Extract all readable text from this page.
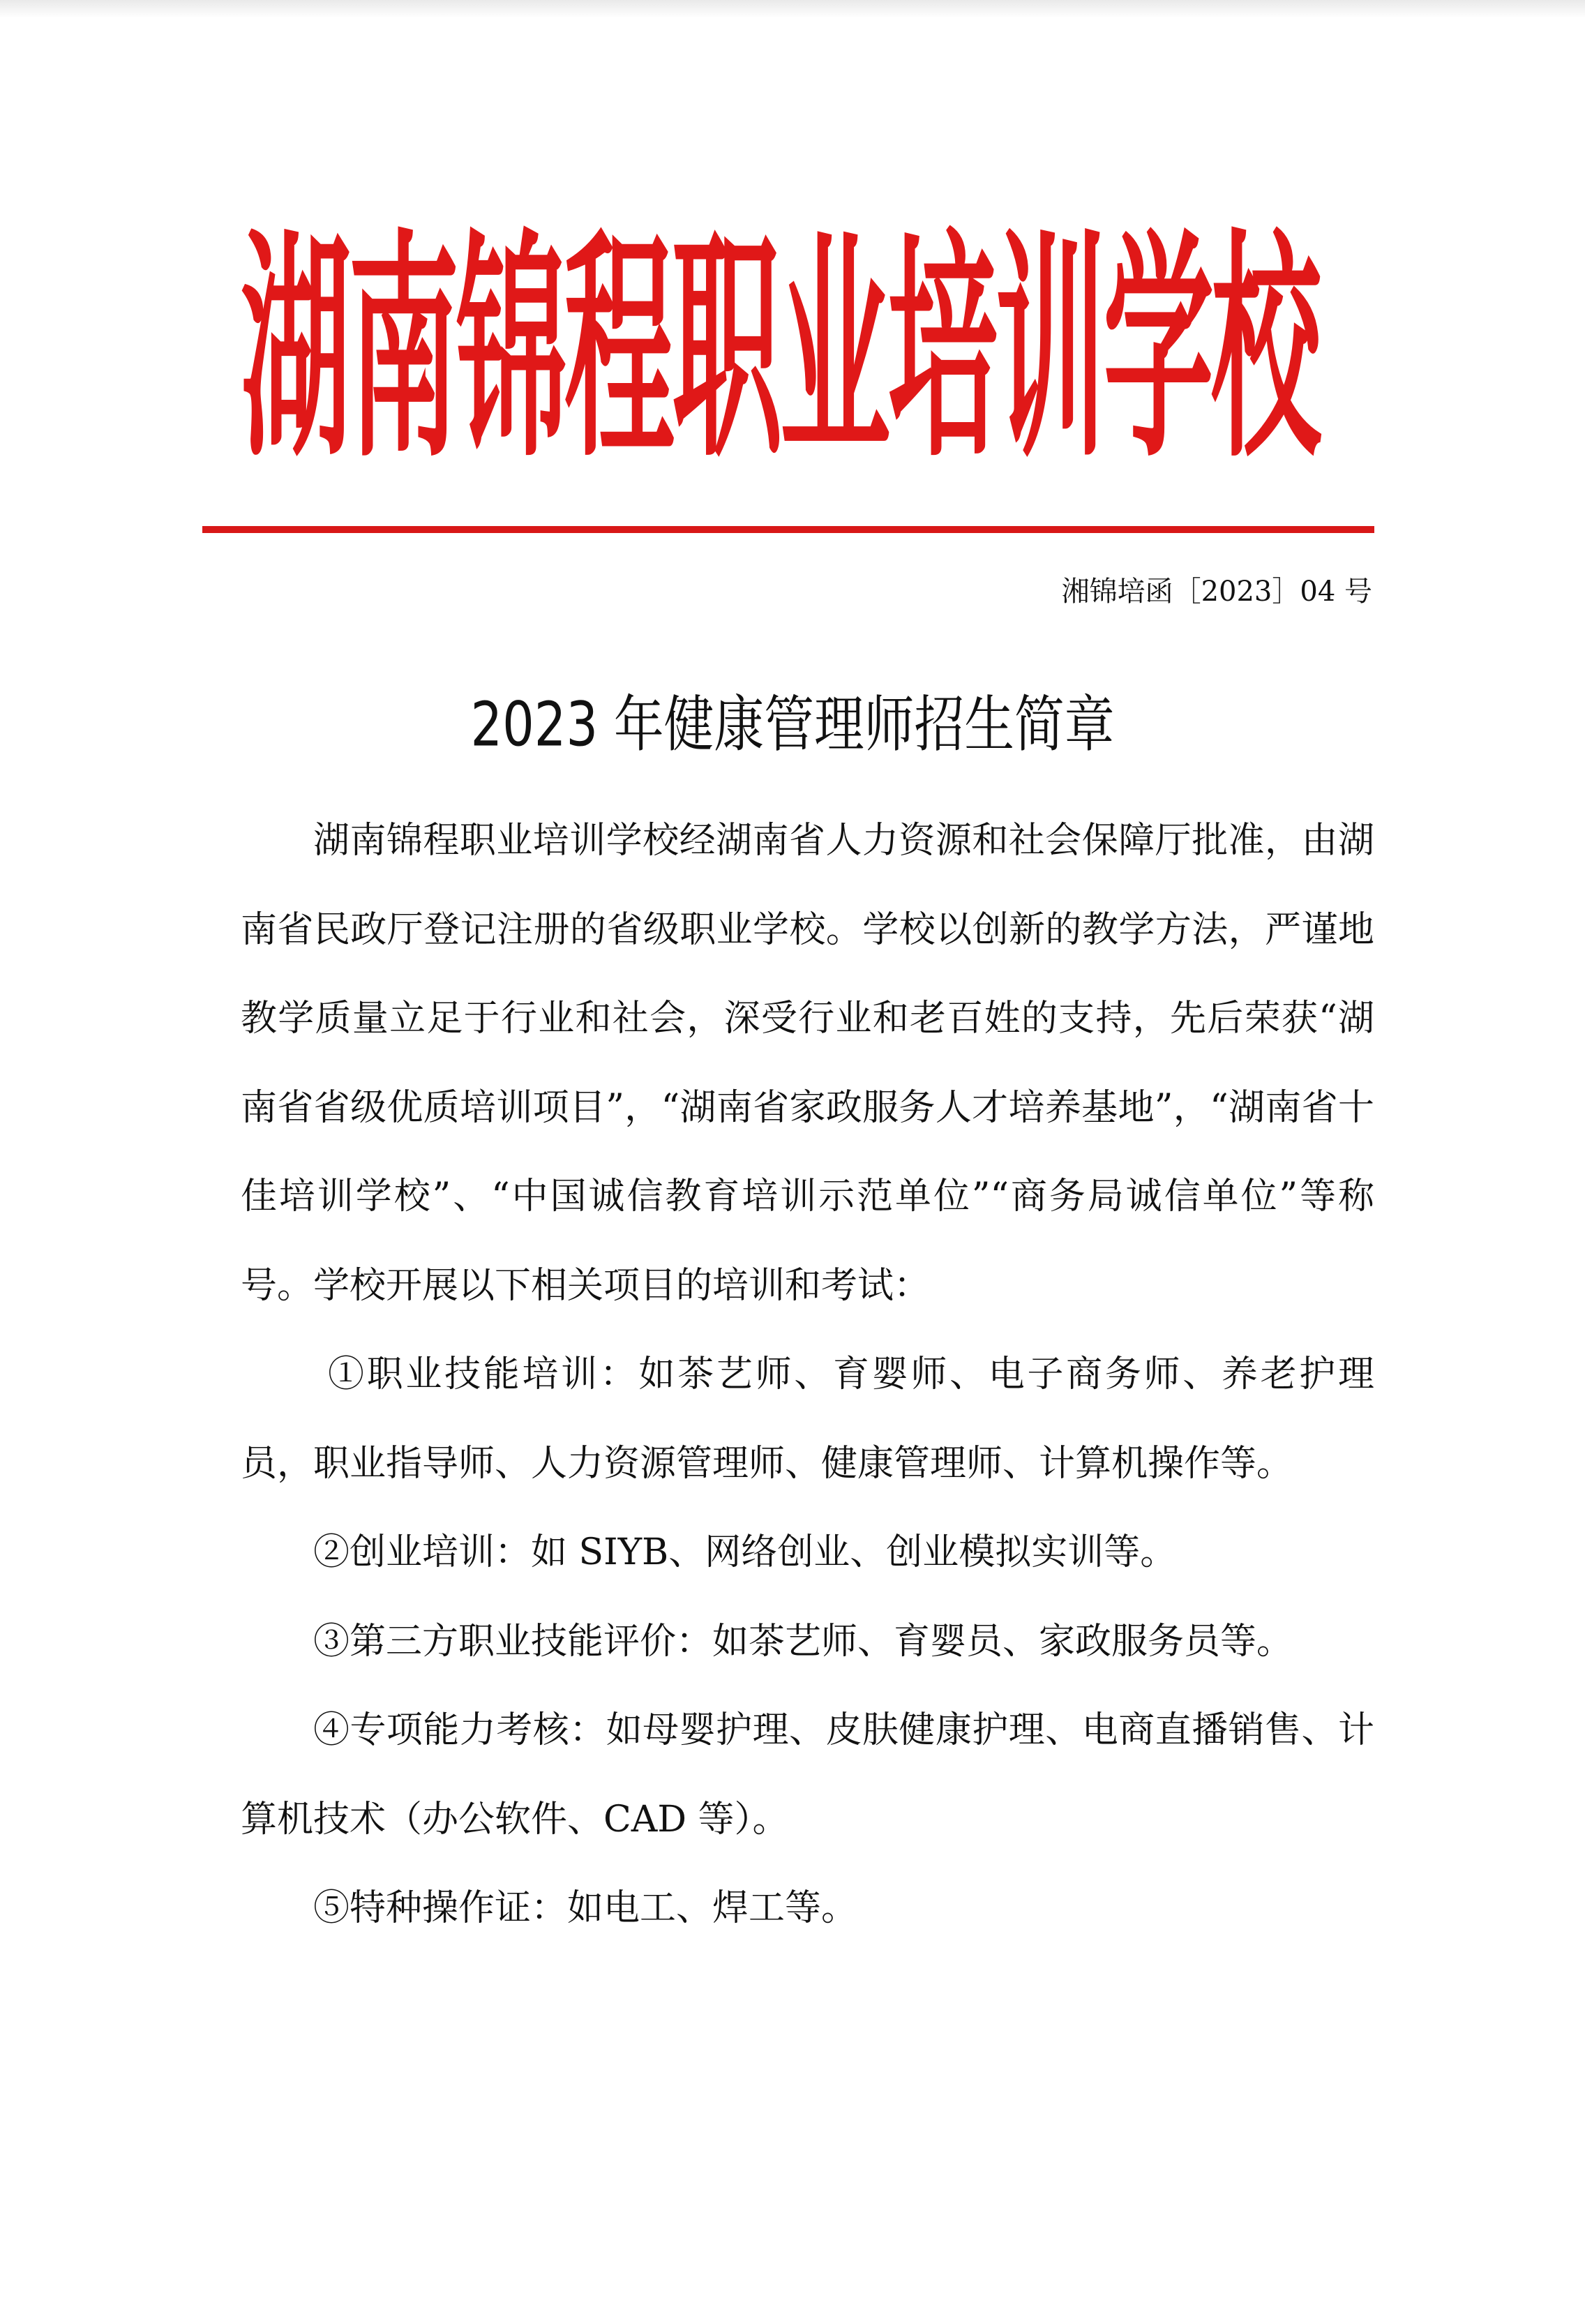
湖南锦程职业培训学校
湘锦培函［2023］04 号
2023 年健康管理师招生简章

湖南锦程职业培训学校经湖南省人力资源和社会保障厅批准，由湖南省民政厅登记注册的省级职业学校。学校以创新的教学方法，严谨地教学质量立足于行业和社会，深受行业和老百姓的支持，先后荣获“湖南省省级优质培训项目”，“湖南省家政服务人才培养基地”，“湖南省十佳培训学校”、“中国诚信教育培训示范单位”“商务局诚信单位”等称号。学校开展以下相关项目的培训和考试：

①职业技能培训：如茶艺师、育婴师、电子商务师、养老护理员，职业指导师、人力资源管理师、健康管理师、计算机操作等。

②创业培训：如 SIYB、网络创业、创业模拟实训等。

③第三方职业技能评价：如茶艺师、育婴员、家政服务员等。

④专项能力考核：如母婴护理、皮肤健康护理、电商直播销售、计算机技术（办公软件、CAD 等）。

⑤特种操作证：如电工、焊工等。
